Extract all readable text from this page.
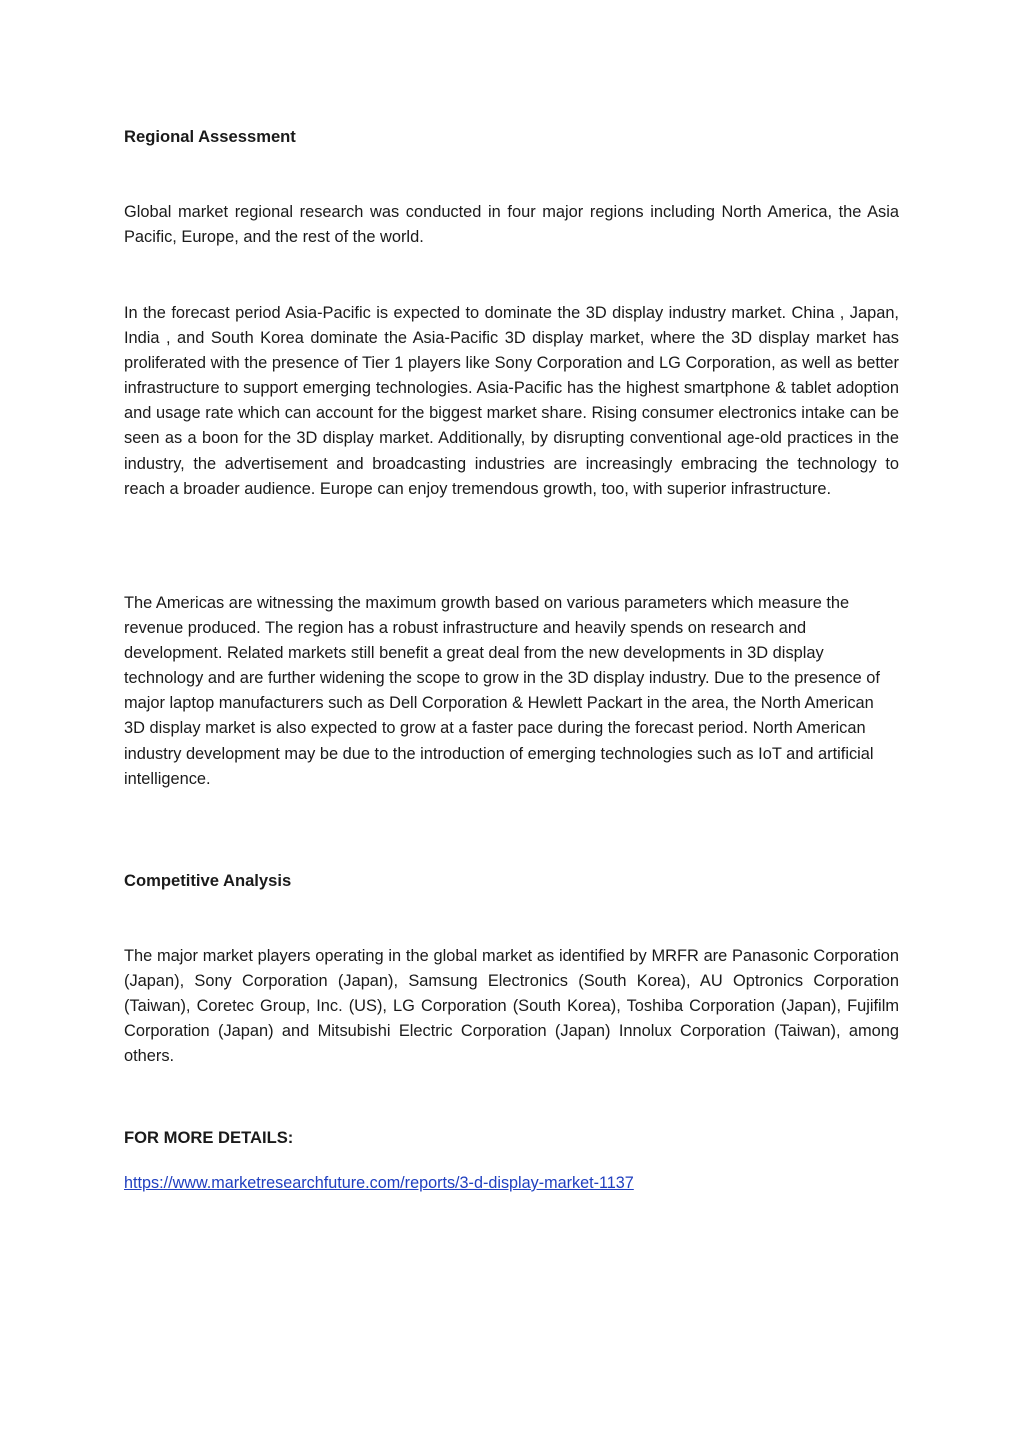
Regional Assessment

Global market regional research was conducted in four major regions including North America, the Asia Pacific, Europe, and the rest of the world.

In the forecast period Asia-Pacific is expected to dominate the 3D display industry market. China , Japan, India , and South Korea dominate the Asia-Pacific 3D display market, where the 3D display market has proliferated with the presence of Tier 1 players like Sony Corporation and LG Corporation, as well as better infrastructure to support emerging technologies. Asia-Pacific has the highest smartphone & tablet adoption and usage rate which can account for the biggest market share. Rising consumer electronics intake can be seen as a boon for the 3D display market. Additionally, by disrupting conventional age-old practices in the industry, the advertisement and broadcasting industries are increasingly embracing the technology to reach a broader audience. Europe can enjoy tremendous growth, too, with superior infrastructure.

The Americas are witnessing the maximum growth based on various parameters which measure the revenue produced. The region has a robust infrastructure and heavily spends on research and development. Related markets still benefit a great deal from the new developments in 3D display technology and are further widening the scope to grow in the 3D display industry. Due to the presence of major laptop manufacturers such as Dell Corporation & Hewlett Packart in the area, the North American 3D display market is also expected to grow at a faster pace during the forecast period. North American industry development may be due to the introduction of emerging technologies such as IoT and artificial intelligence.

Competitive Analysis

The major market players operating in the global market as identified by MRFR are Panasonic Corporation (Japan), Sony Corporation (Japan), Samsung Electronics (South Korea), AU Optronics Corporation (Taiwan), Coretec Group, Inc. (US), LG Corporation (South Korea), Toshiba Corporation (Japan), Fujifilm Corporation (Japan) and Mitsubishi Electric Corporation (Japan) Innolux Corporation (Taiwan), among others.

FOR MORE DETAILS:
https://www.marketresearchfuture.com/reports/3-d-display-market-1137
